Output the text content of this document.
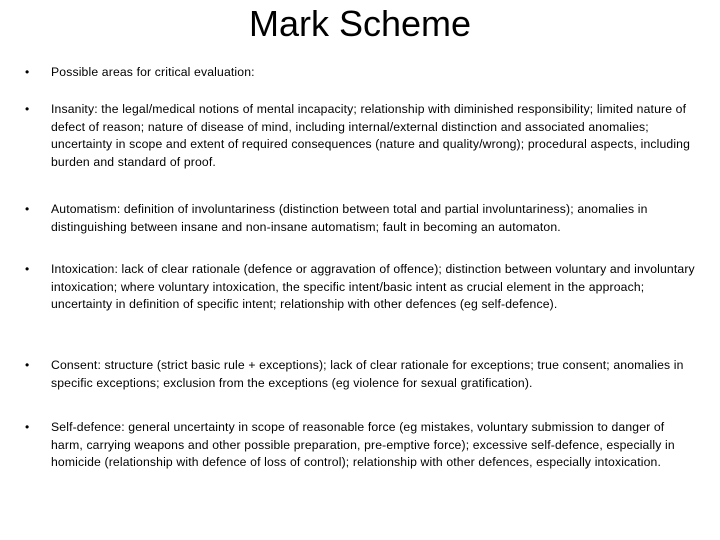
Mark Scheme
•	Possible areas for critical evaluation:
•	Insanity: the legal/medical notions of mental incapacity; relationship with diminished responsibility; limited nature of defect of reason; nature of disease of mind, including internal/external distinction and associated anomalies; uncertainty in scope and extent of required consequences (nature and quality/wrong); procedural aspects, including burden and standard of proof.
•	Automatism: definition of involuntariness (distinction between total and partial involuntariness); anomalies in distinguishing between insane and non-insane automatism; fault in becoming an automaton.
•	Intoxication: lack of clear rationale (defence or aggravation of offence); distinction between voluntary and involuntary intoxication; where voluntary intoxication, the specific intent/basic intent as crucial element in the approach; uncertainty in definition of specific intent; relationship with other defences (eg self-defence).
•	Consent: structure (strict basic rule + exceptions); lack of clear rationale for exceptions; true consent; anomalies in specific exceptions; exclusion from the exceptions (eg violence for sexual gratification).
•	Self-defence: general uncertainty in scope of reasonable force (eg mistakes, voluntary submission to danger of harm, carrying weapons and other possible preparation, pre-emptive force); excessive self-defence, especially in homicide (relationship with defence of loss of control); relationship with other defences, especially intoxication.
